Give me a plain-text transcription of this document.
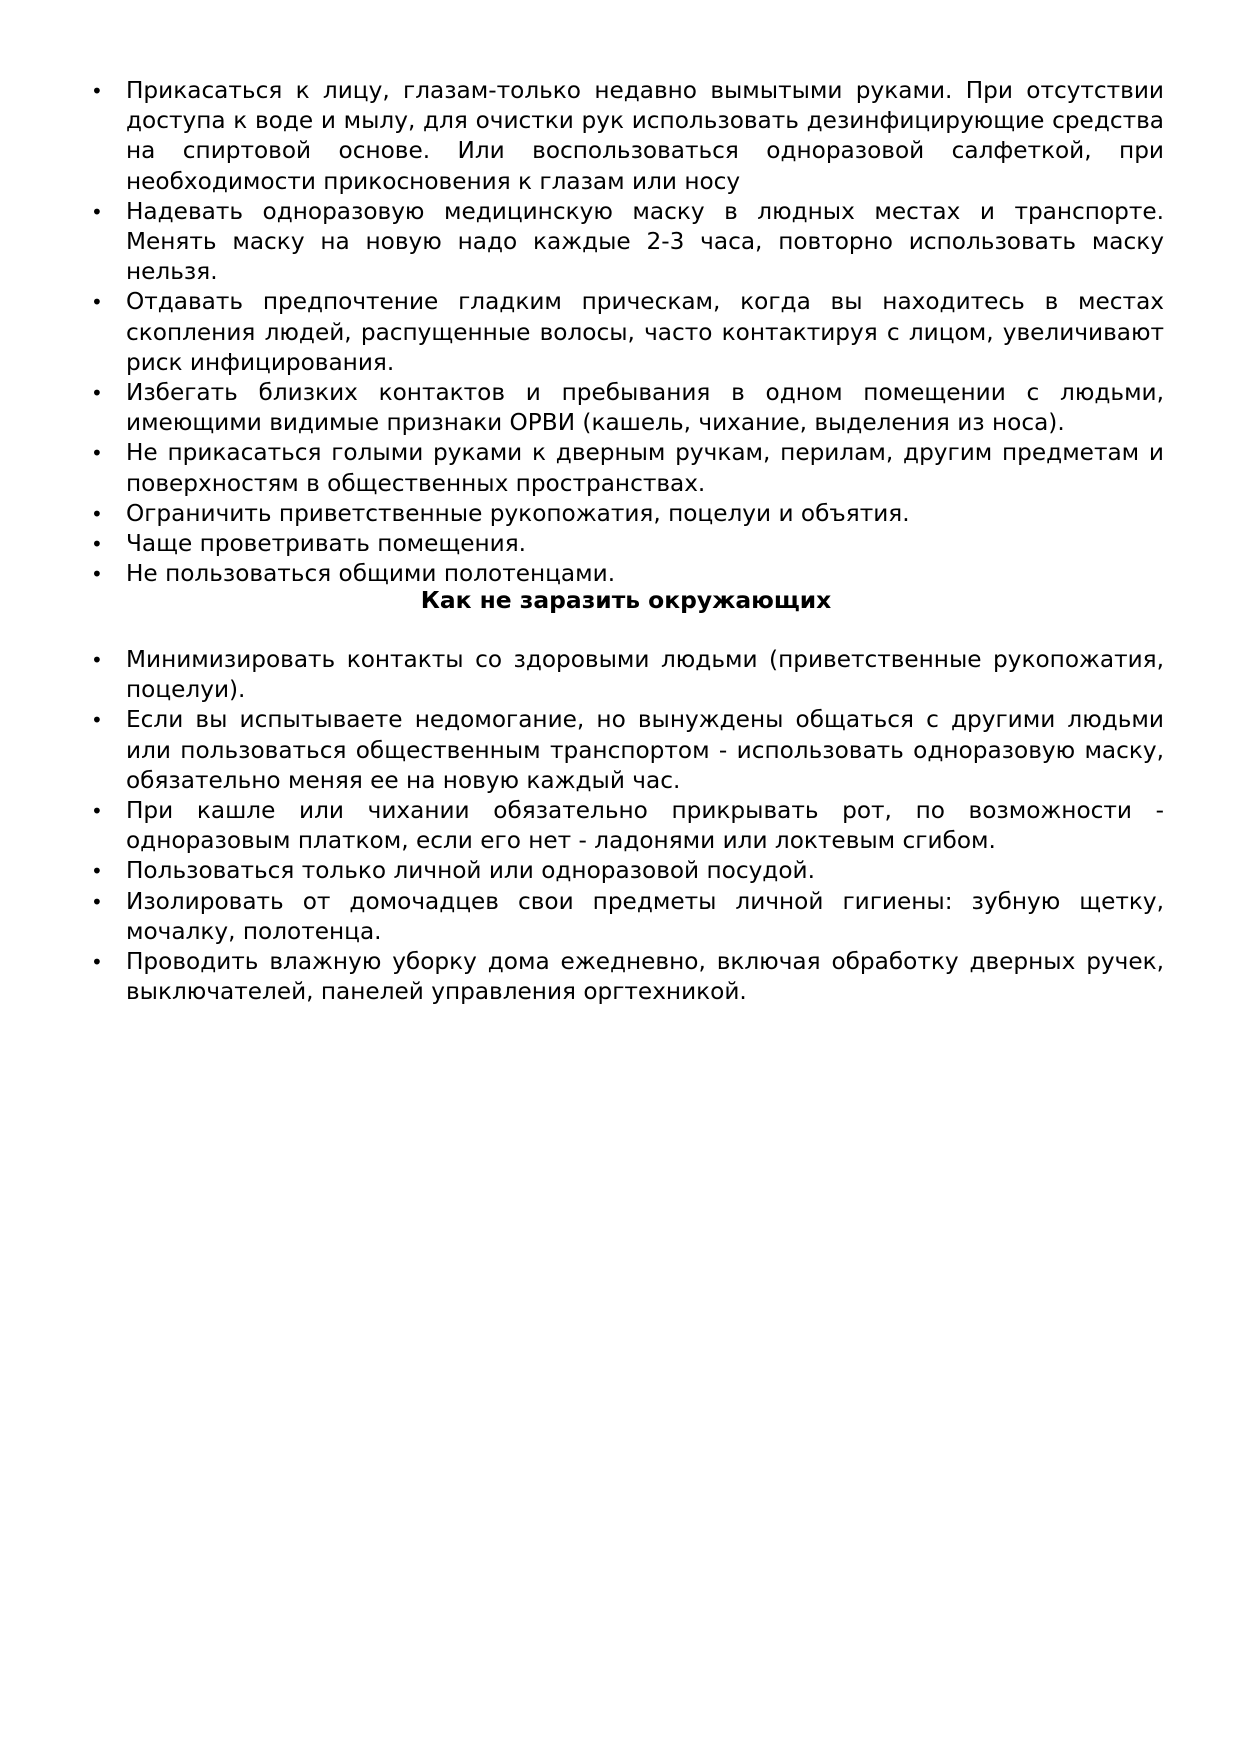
• Прикасаться к лицу, глазам-только недавно вымытыми руками. При отсутствии доступа к воде и мылу, для очистки рук использовать дезинфицирующие средства на спиртовой основе. Или воспользоваться одноразовой салфеткой, при необходимости прикосновения к глазам или носу
• Надевать одноразовую медицинскую маску в людных местах и транспорте. Менять маску на новую надо каждые 2-3 часа, повторно использовать маску нельзя.
• Отдавать предпочтение гладким прическам, когда вы находитесь в местах скопления людей, распущенные волосы, часто контактируя с лицом, увеличивают риск инфицирования.
• Избегать близких контактов и пребывания в одном помещении с людьми, имеющими видимые признаки ОРВИ (кашель, чихание, выделения из носа).
• Не прикасаться голыми руками к дверным ручкам, перилам, другим предметам и поверхностям в общественных пространствах.
• Ограничить приветственные рукопожатия, поцелуи и объятия.
• Чаще проветривать помещения.
• Не пользоваться общими полотенцами.
Как не заразить окружающих
• Минимизировать контакты со здоровыми людьми (приветственные рукопожатия, поцелуи).
• Если вы испытываете недомогание, но вынуждены общаться с другими людьми или пользоваться общественным транспортом - использовать одноразовую маску, обязательно меняя ее на новую каждый час.
• При кашле или чихании обязательно прикрывать рот, по возможности - одноразовым платком, если его нет - ладонями или локтевым сгибом.
• Пользоваться только личной или одноразовой посудой.
• Изолировать от домочадцев свои предметы личной гигиены: зубную щетку, мочалку, полотенца.
• Проводить влажную уборку дома ежедневно, включая обработку дверных ручек, выключателей, панелей управления оргтехникой.
